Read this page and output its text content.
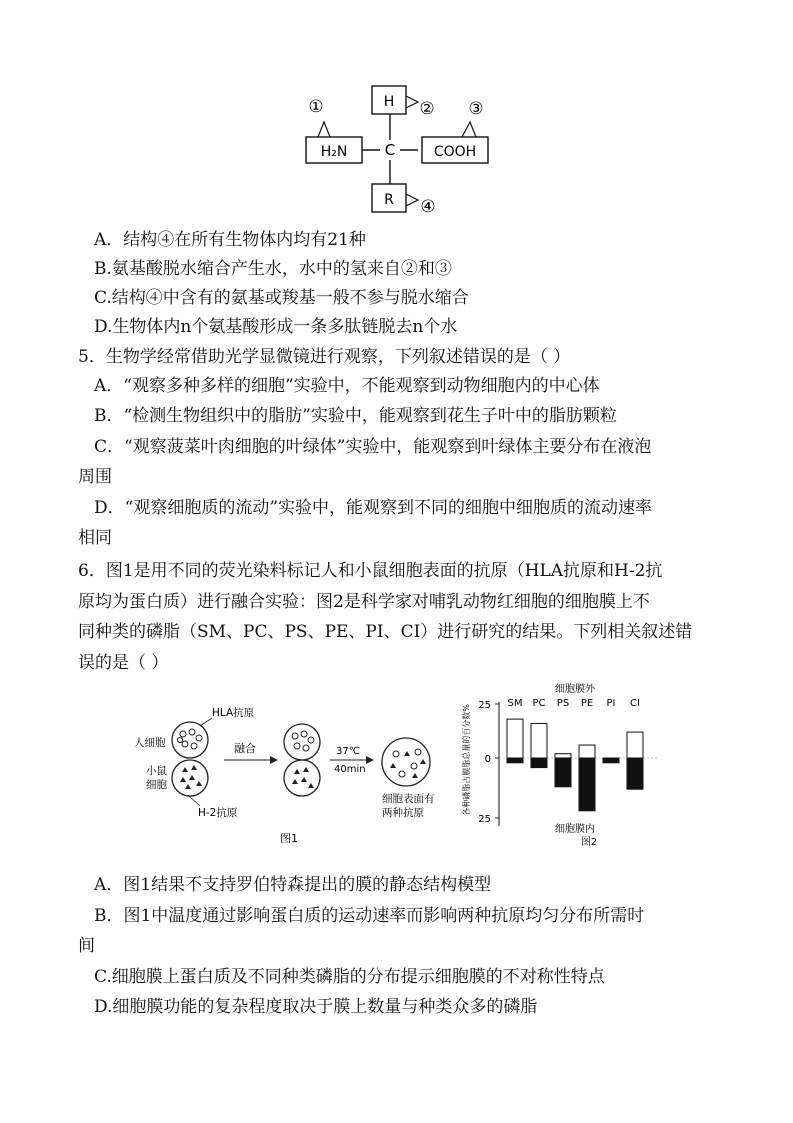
H₂N C	COOH
H
R
①	② ③
④
A．结构④在所有生物体内均有21种
B.氨基酸脱水缩合产生水，水中的氢来自②和③
C.结构④中含有的氨基或羧基一般不参与脱水缩合
D.生物体内n个氨基酸形成一条多肽链脱去n个水
5．生物学经常借助光学显微镜进行观察，下列叙述错误的是（ ）
A．“观察多种多样的细胞”实验中，不能观察到动物细胞内的中心体
B．“检测生物组织中的脂肪”实验中，能观察到花生子叶中的脂肪颗粒
C．“观察菠菜叶肉细胞的叶绿体”实验中，能观察到叶绿体主要分布在液泡
周围
D．“观察细胞质的流动”实验中，能观察到不同的细胞中细胞质的流动速率
相同
6．图1是用不同的荧光染料标记人和小鼠细胞表面的抗原（HLA抗原和H-2抗
原均为蛋白质）进行融合实验：图2是科学家对哺乳动物红细胞的细胞膜上不
同种类的磷脂（SM、PC、PS、PE、PI、CI）进行研究的结果。下列相关叙述错
误的是（ ）
HLA抗原
人细胞
小鼠
细胞
H-2抗原
融合	37℃
40min
细胞表面有
两种抗原
图1
细胞膜外
各种磷脂占膜脂总量的百分数% 25
0
25
SM PC PS PE PI CI
细胞膜内
图2
A．图1结果不支持罗伯特森提出的膜的静态结构模型
B．图1中温度通过影响蛋白质的运动速率而影响两种抗原均匀分布所需时
间
C.细胞膜上蛋白质及不同种类磷脂的分布提示细胞膜的不对称性特点
D.细胞膜功能的复杂程度取决于膜上数量与种类众多的磷脂
